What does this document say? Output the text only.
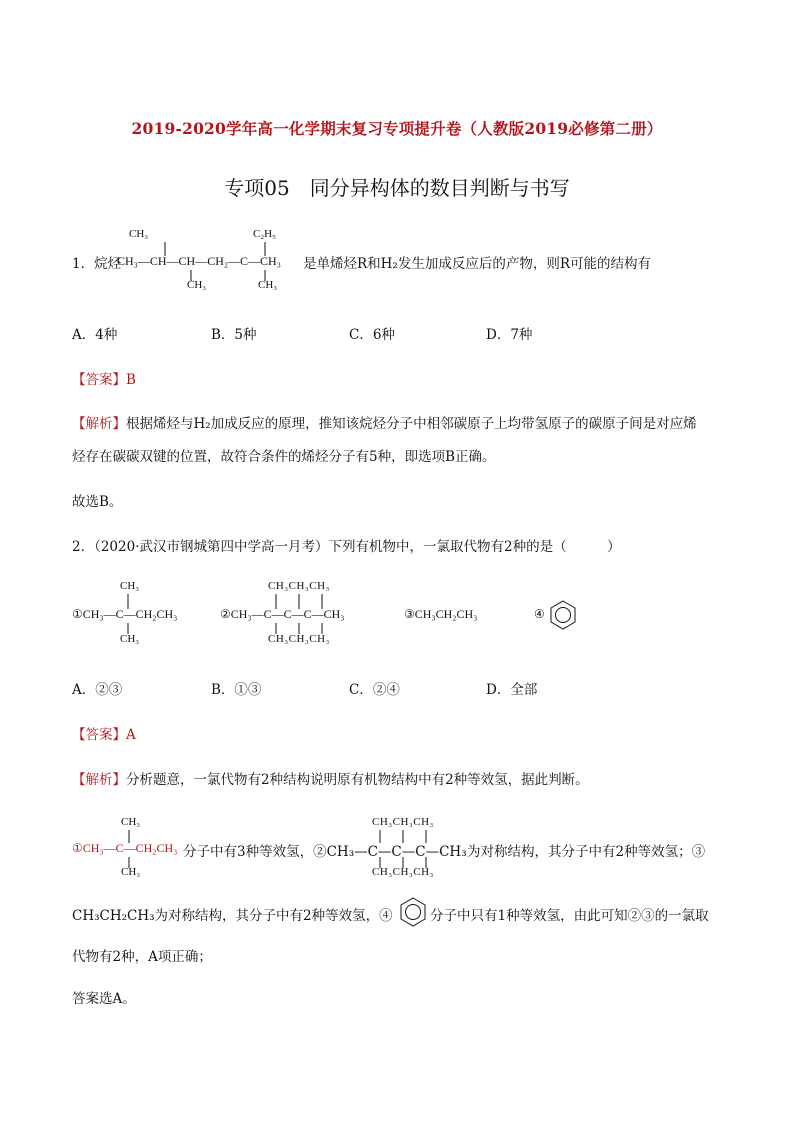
2019-2020学年高一化学期末复习专项提升卷（人教版2019必修第二册）
专项05　同分异构体的数目判断与书写
1．烷烃
CH₃	C₂H₅
CH₃—CH—CH—CH₂—C—CH₃
CH₃	CH₃
是单烯烃R和H₂发生加成反应后的产物，则R可能的结构有
A．4种	B．5种	C．6种	D．7种
【答案】B
【解析】根据烯烃与H₂加成反应的原理，推知该烷烃分子中相邻碳原子上均带氢原子的碳原子间是对应烯
烃存在碳碳双键的位置，故符合条件的烯烃分子有5种，即选项B正确。
故选B。
2．（2020·武汉市钢城第四中学高一月考）下列有机物中，一氯取代物有2种的是（　　　）
CH₃
①CH₃—C—CH₂CH₃
CH₃
CH₃CH₃CH₃
②CH₃—C—C—C—CH₃
CH₃CH₃CH₃
③CH₃CH₂CH₃	④
A．②③	B．①③	C．②④	D．全部
【答案】A
【解析】分析题意，一氯代物有2种结构说明原有机物结构中有2种等效氢，据此判断。
CH₃
CH₃
①CH₃—C—CH₂CH₃ 分子中有3种等效氢，②CH₃—C—C—C—CH₃
CH₃CH₃CH₃
CH₃CH₃CH₃
为对称结构，其分子中有2种等效氢；③
CH₃CH₂CH₃为对称结构，其分子中有2种等效氢，④	分子中只有1种等效氢，由此可知②③的一氯取
代物有2种，A项正确；
答案选A。
